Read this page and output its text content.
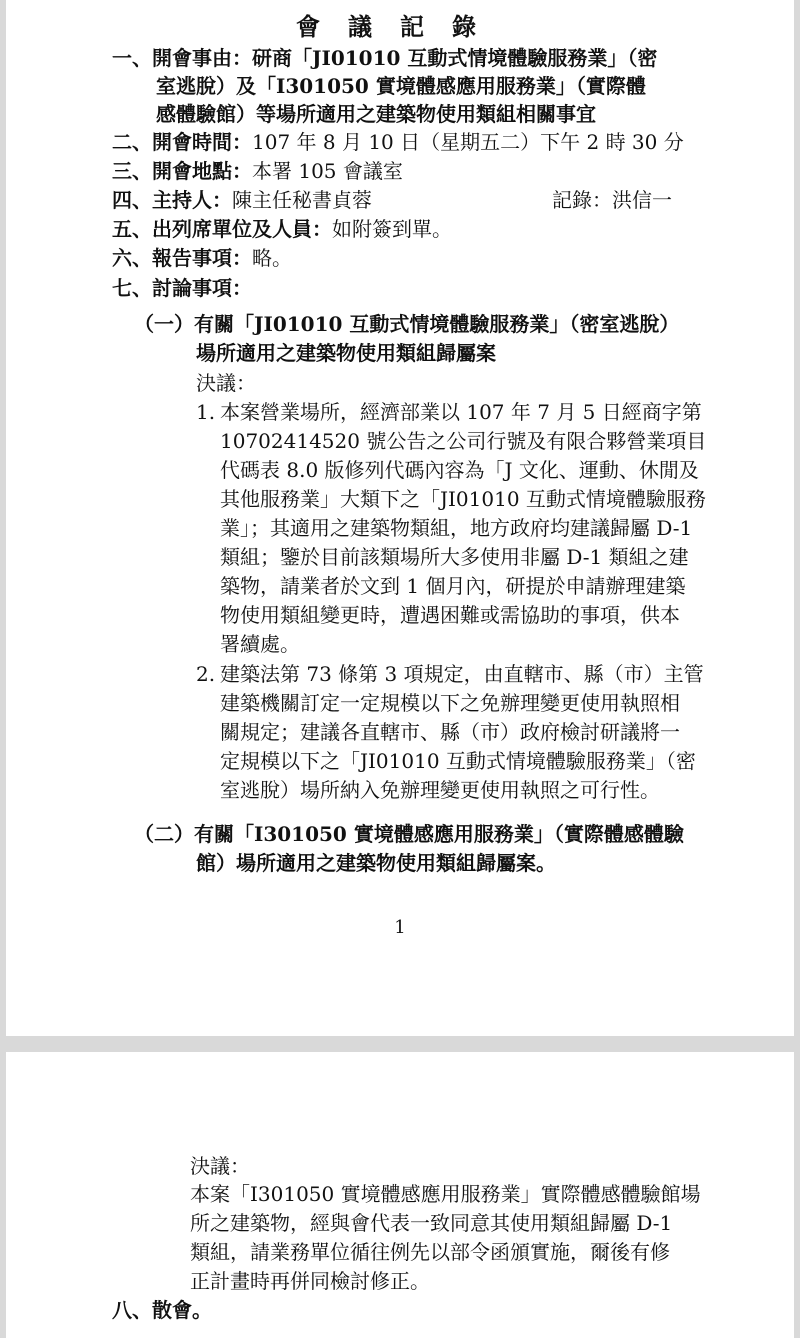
會議記錄
一、開會事由：研商「JI01010 互動式情境體驗服務業」（密
室逃脫）及「I301050 實境體感應用服務業」（實際體
感體驗館）等場所適用之建築物使用類組相關事宜
二、開會時間：107 年 8 月 10 日（星期五二）下午 2 時 30 分
三、開會地點：本署 105 會議室
四、主持人：陳主任秘書貞蓉	記錄：洪信一
五、出列席單位及人員：如附簽到單。
六、報告事項：略。
七、討論事項：
（一）有關「JI01010 互動式情境體驗服務業」（密室逃脫）
場所適用之建築物使用類組歸屬案
決議：
1. 本案營業場所，經濟部業以 107 年 7 月 5 日經商字第
10702414520 號公告之公司行號及有限合夥營業項目
代碼表 8.0 版修列代碼內容為「J 文化、運動、休閒及
其他服務業」大類下之「JI01010 互動式情境體驗服務
業」；其適用之建築物類組，地方政府均建議歸屬 D-1
類組；鑒於目前該類場所大多使用非屬 D-1 類組之建
築物，請業者於文到 1 個月內，研提於申請辦理建築
物使用類組變更時，遭遇困難或需協助的事項，供本
署續處。
2. 建築法第 73 條第 3 項規定，由直轄市、縣（市）主管
建築機關訂定一定規模以下之免辦理變更使用執照相
關規定；建議各直轄市、縣（市）政府檢討研議將一
定規模以下之「JI01010 互動式情境體驗服務業」（密
室逃脫）場所納入免辦理變更使用執照之可行性。
（二）有關「I301050 實境體感應用服務業」（實際體感體驗
館）場所適用之建築物使用類組歸屬案。
1
決議：
本案「I301050 實境體感應用服務業」實際體感體驗館場
所之建築物，經與會代表一致同意其使用類組歸屬 D-1
類組，請業務單位循往例先以部令函頒實施，爾後有修
正計畫時再併同檢討修正。
八、散會。
